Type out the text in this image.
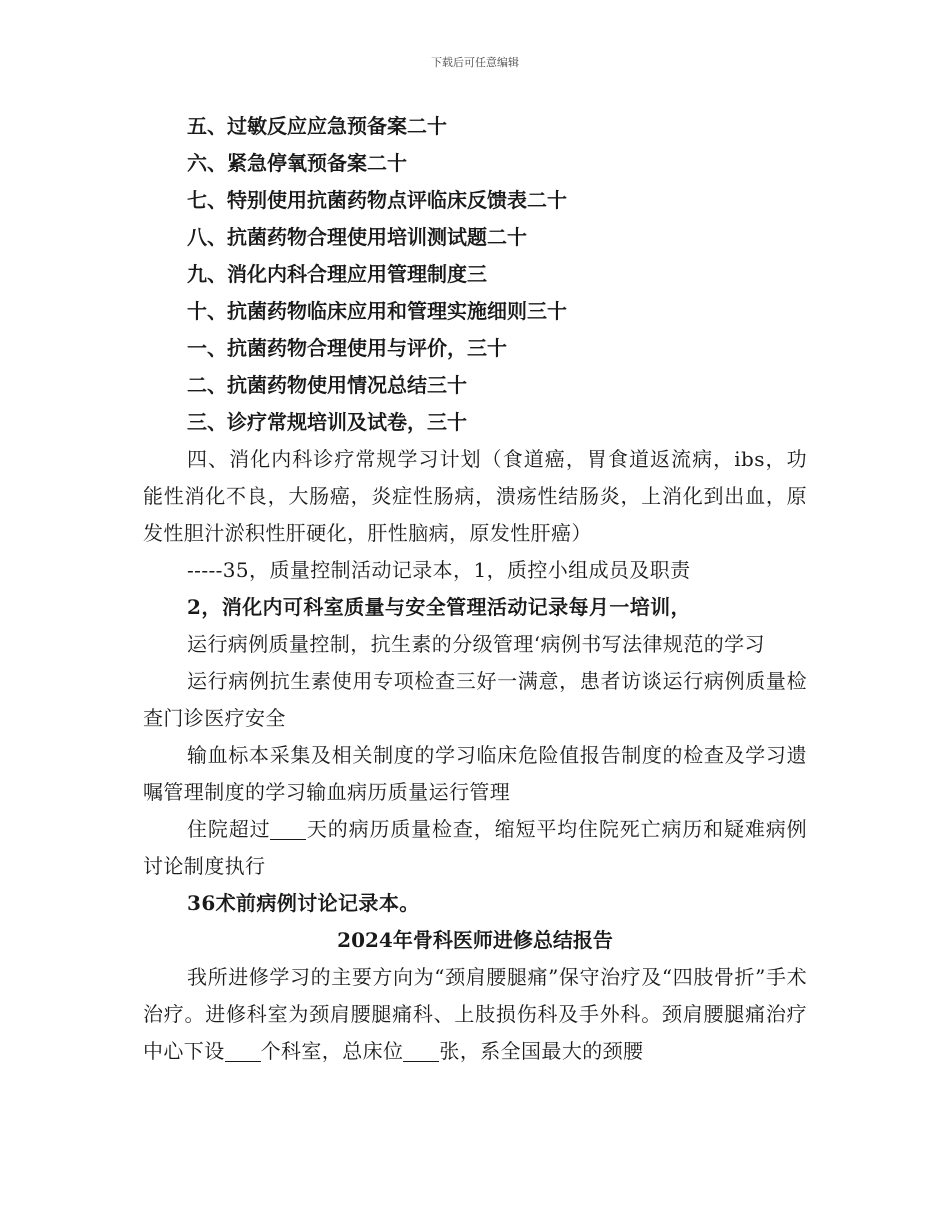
下载后可任意编辑
五、过敏反应应急预备案二十
六、紧急停氧预备案二十
七、特别使用抗菌药物点评临床反馈表二十
八、抗菌药物合理使用培训测试题二十
九、消化内科合理应用管理制度三
十、抗菌药物临床应用和管理实施细则三十
一、抗菌药物合理使用与评价，三十
二、抗菌药物使用情况总结三十
三、诊疗常规培训及试卷，三十

四、消化内科诊疗常规学习计划（食道癌，胃食道返流病，ibs，功能性消化不良，大肠癌，炎症性肠病，溃疡性结肠炎，上消化到出血，原发性胆汁淤积性肝硬化，肝性脑病，原发性肝癌）

-----35，质量控制活动记录本，1，质控小组成员及职责

2，消化内可科室质量与安全管理活动记录每月一培训，

运行病例质量控制，抗生素的分级管理‘病例书写法律规范的学习

运行病例抗生素使用专项检查三好一满意，患者访谈运行病例质量检查门诊医疗安全

输血标本采集及相关制度的学习临床危险值报告制度的检查及学习遗嘱管理制度的学习输血病历质量运行管理

住院超过 天的病历质量检查，缩短平均住院死亡病历和疑难病例讨论制度执行

36术前病例讨论记录本。

2024年骨科医师进修总结报告

我所进修学习的主要方向为“颈肩腰腿痛”保守治疗及“四肢骨折”手术治疗。进修科室为颈肩腰腿痛科、上肢损伤科及手外科。颈肩腰腿痛治疗中心下设 个科室，总床位 张，系全国最大的颈腰
